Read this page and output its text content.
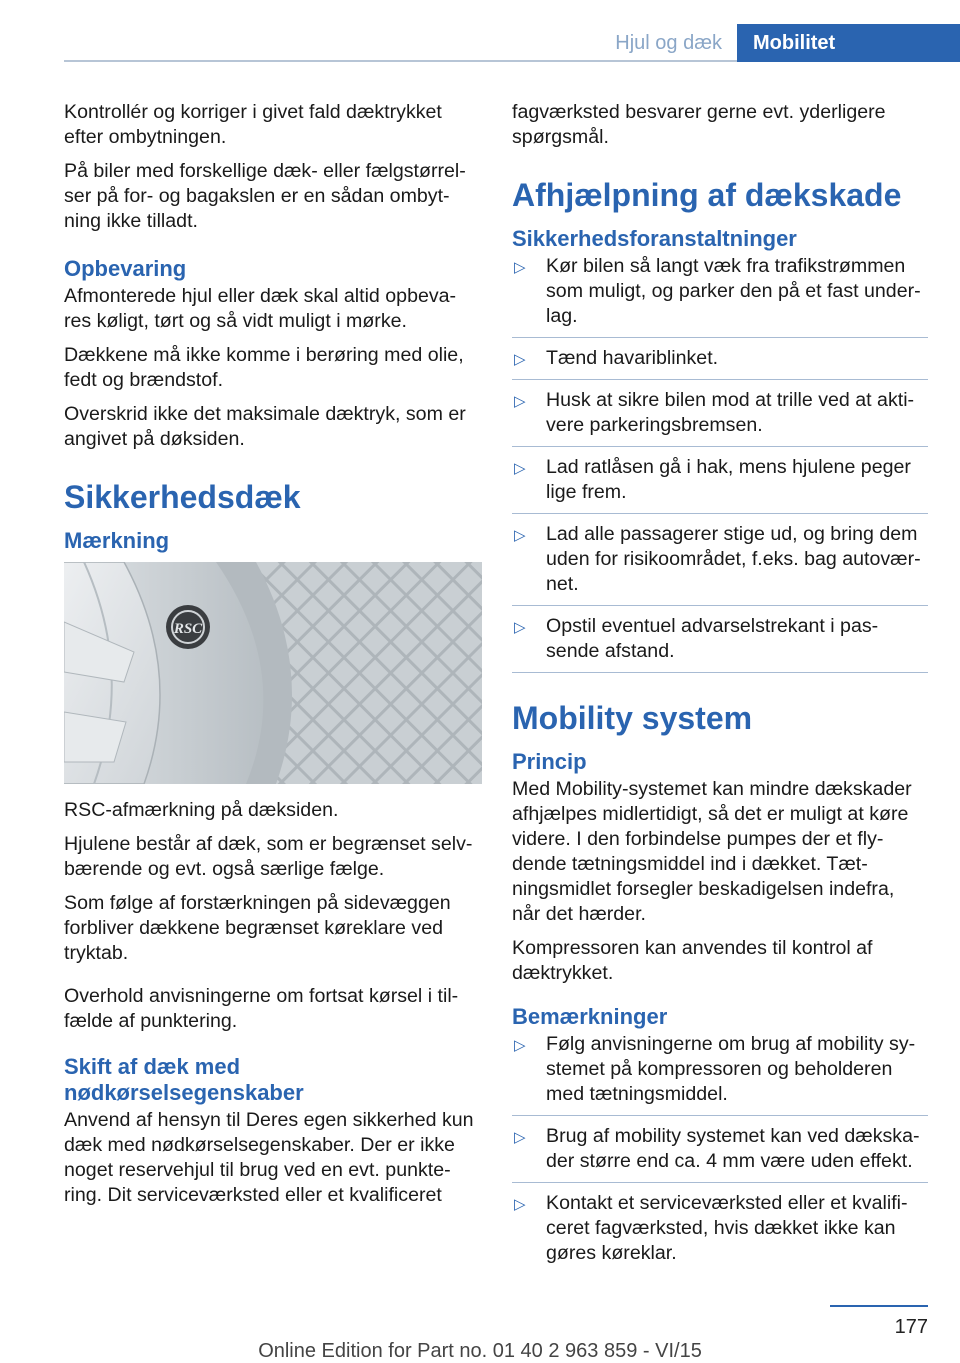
Hjul og dæk	Mobilitet

Kontrollér og korriger i givet fald dæktrykket efter ombytningen.

På biler med forskellige dæk- eller fælgstørrel‐ser på for- og bagakslen er en sådan ombyt‐ning ikke tilladt.

Opbevaring

Afmonterede hjul eller dæk skal altid opbeva‐res køligt, tørt og så vidt muligt i mørke.

Dækkene må ikke komme i berøring med olie, fedt og brændstof.

Overskrid ikke det maksimale dæktryk, som er angivet på døksiden.

Sikkerhedsdæk
Mærkning
RSC

RSC-afmærkning på dæksiden.

Hjulene består af dæk, som er begrænset selv‐bærende og evt. også særlige fælge.

Som følge af forstærkningen på sidevæggen forbliver dækkene begrænset køreklare ved tryktab.

Overhold anvisningerne om fortsat kørsel i til‐fælde af punktering.

Skift af dæk med nødkørselsegenskaber

Anvend af hensyn til Deres egen sikkerhed kun dæk med nødkørselsegenskaber. Der er ikke noget reservehjul til brug ved en evt. punkte‐ring. Dit serviceværksted eller et kvalificeret

fagværksted besvarer gerne evt. yderligere spørgsmål.

Afhjælpning af dækskade
Sikkerhedsforanstaltninger
▷ Kør bilen så langt væk fra trafikstrømmen som muligt, og parker den på et fast under‐lag.
▷ Tænd havariblinket.
▷ Husk at sikre bilen mod at trille ved at akti‐vere parkeringsbremsen.
▷ Lad ratlåsen gå i hak, mens hjulene peger lige frem.
▷ Lad alle passagerer stige ud, og bring dem uden for risikoområdet, f.eks. bag autovær‐net.
▷ Opstil eventuel advarselstrekant i pas‐sende afstand.
Mobility system
Princip

Med Mobility-systemet kan mindre dækskader afhjælpes midlertidigt, så det er muligt at køre videre. I den forbindelse pumpes der et fly‐dende tætningsmiddel ind i dækket. Tæt‐ningsmidlet forsegler beskadigelsen indefra, når det hærder.

Kompressoren kan anvendes til kontrol af dæktrykket.

Bemærkninger
▷ Følg anvisningerne om brug af mobility sy‐stemet på kompressoren og beholderen med tætningsmiddel.
▷ Brug af mobility systemet kan ved dækska‐der større end ca. 4 mm være uden effekt.
▷ Kontakt et serviceværksted eller et kvalifi‐ceret fagværksted, hvis dækket ikke kan gøres køreklar.
177
Online Edition for Part no. 01 40 2 963 859 - VI/15
